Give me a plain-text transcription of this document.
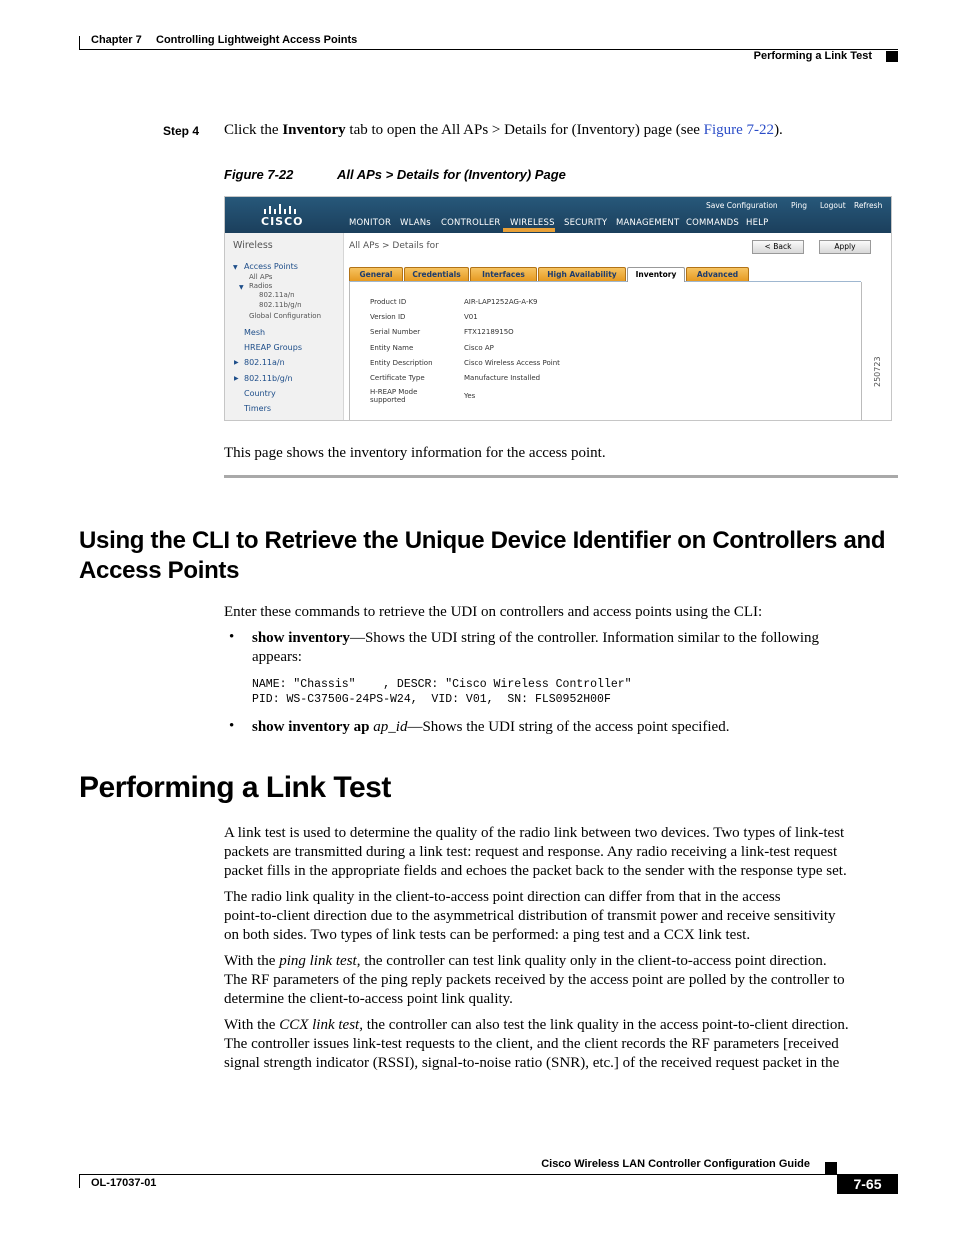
Chapter 7 Controlling Lightweight Access Points
Performing a Link Test
Step 4 Click the Inventory tab to open the All APs > Details for (Inventory) page (see Figure 7-22).
Figure 7-22	All APs > Details for (Inventory) Page
CISCO	MONITOR WLANs CONTROLLER WIRELESS SECURITY MANAGEMENT COMMANDS HELP
Save Configuration Ping Logout Refresh
Wireless
▼ Access Points
All APs
▼ Radios
802.11a/n
802.11b/g/n
Global Configuration
Mesh
HREAP Groups
▶ 802.11a/n
▶ 802.11b/g/n
Country
Timers
All APs > Details for	< Back	Apply
General	Credentials	Interfaces	High Availability	Inventory	Advanced
Product ID	AIR-LAP1252AG-A-K9
Version ID	V01
Serial Number	FTX1218915O
Entity Name	Cisco AP
Entity Description	Cisco Wireless Access Point
Certificate Type	Manufacture Installed
H-REAP Mode
supported	Yes
250723
This page shows the inventory information for the access point.
Using the CLI to Retrieve the Unique Device Identifier on Controllers and
Access Points
Enter these commands to retrieve the UDI on controllers and access points using the CLI:
• show inventory—Shows the UDI string of the controller. Information similar to the following
appears:
NAME: "Chassis"    , DESCR: "Cisco Wireless Controller"
PID: WS-C3750G-24PS-W24,  VID: V01,  SN: FLS0952H00F
• show inventory ap ap_id—Shows the UDI string of the access point specified.
Performing a Link Test
A link test is used to determine the quality of the radio link between two devices. Two types of link-test
packets are transmitted during a link test: request and response. Any radio receiving a link-test request
packet fills in the appropriate fields and echoes the packet back to the sender with the response type set.
The radio link quality in the client-to-access point direction can differ from that in the access
point-to-client direction due to the asymmetrical distribution of transmit power and receive sensitivity
on both sides. Two types of link tests can be performed: a ping test and a CCX link test.
With the ping link test, the controller can test link quality only in the client-to-access point direction.
The RF parameters of the ping reply packets received by the access point are polled by the controller to
determine the client-to-access point link quality.
With the CCX link test, the controller can also test the link quality in the access point-to-client direction.
The controller issues link-test requests to the client, and the client records the RF parameters [received
signal strength indicator (RSSI), signal-to-noise ratio (SNR), etc.] of the received request packet in the
Cisco Wireless LAN Controller Configuration Guide
OL-17037-01	7-65
